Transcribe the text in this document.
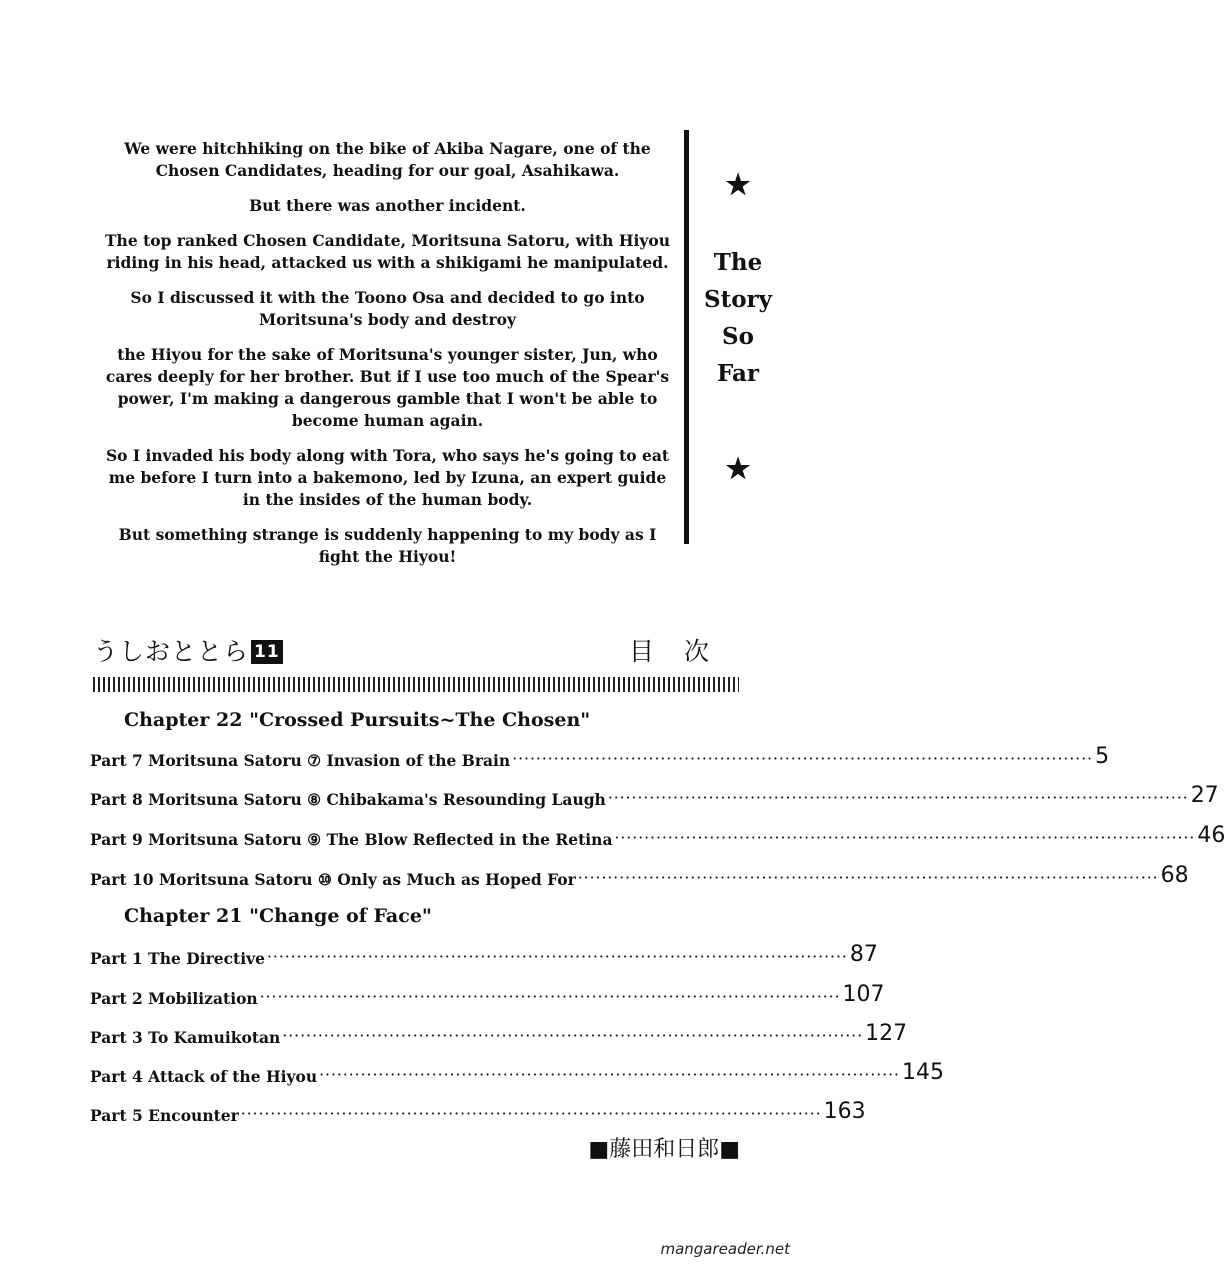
We were hitchhiking on the bike of Akiba Nagare, one of the Chosen Candidates, heading for our goal, Asahikawa.

But there was another incident.

The top ranked Chosen Candidate, Moritsuna Satoru, with Hiyou riding in his head, attacked us with a shikigami he manipulated.

So I discussed it with the Toono Osa and decided to go into Moritsuna's body and destroy

the Hiyou for the sake of Moritsuna's younger sister, Jun, who cares deeply for her brother. But if I use too much of the Spear's power, I'm making a dangerous gamble that I won't be able to become human again.

So I invaded his body along with Tora, who says he's going to eat me before I turn into a bakemono, led by Izuna, an expert guide in the insides of the human body.

But something strange is suddenly happening to my body as I fight the Hiyou!

★
The
Story
So
Far
★
うしおととら 11	目次
Chapter 22 "Crossed Pursuits~The Chosen"
Part 7 Moritsuna Satoru ⑦ Invasion of the Brain ·································································································· 5
Part 8 Moritsuna Satoru ⑧ Chibakama's Resounding Laugh ·································································································· 27
Part 9 Moritsuna Satoru ⑨ The Blow Reflected in the Retina ·································································································· 46
Part 10 Moritsuna Satoru ⑩ Only as Much as Hoped For ·································································································· 68
Chapter 21 "Change of Face"
Part 1 The Directive ·································································································· 87
Part 2 Mobilization ·································································································· 107
Part 3 To Kamuikotan ·································································································· 127
Part 4 Attack of the Hiyou ·································································································· 145
Part 5 Encounter ·································································································· 163
■藤田和日郎■
mangareader.net
